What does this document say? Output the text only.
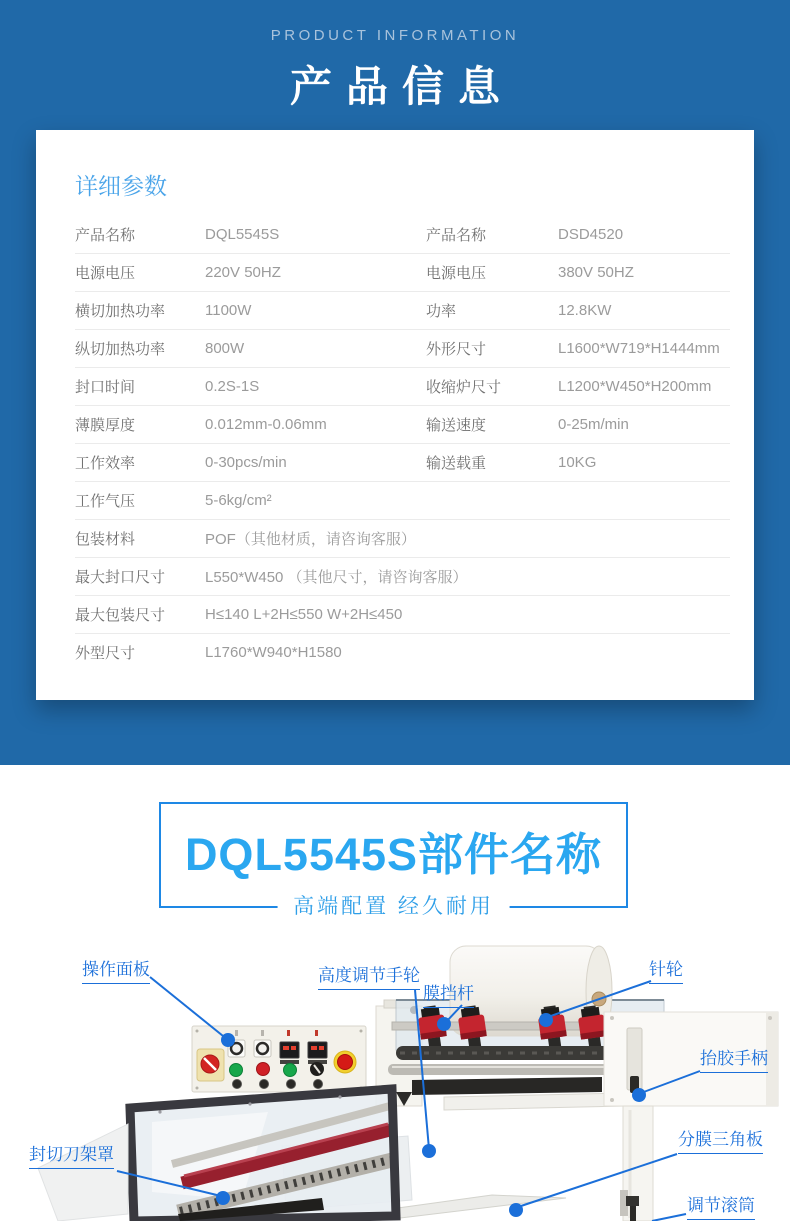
PRODUCT INFORMATION
产品信息
详细参数
产品名称	DQL5545S	产品名称	DSD4520
电源电压	220V 50HZ	电源电压	380V 50HZ
横切加热功率	1100W	功率	12.8KW
纵切加热功率	800W	外形尺寸	L1600*W719*H1444mm
封口时间	0.2S-1S	收缩炉尺寸	L1200*W450*H200mm
薄膜厚度	0.012mm-0.06mm	输送速度	0-25m/min
工作效率	0-30pcs/min	输送载重	10KG
工作气压	5-6kg/cm²
包装材料	POF（其他材质，请咨询客服）
最大封口尺寸	L550*W450 （其他尺寸，请咨询客服）
最大包装尺寸	H≤140 L+2H≤550 W+2H≤450
外型尺寸	L1760*W940*H1580
DQL5545S部件名称
高端配置 经久耐用
操作面板	高度调节手轮
膜挡杆
针轮
抬胶手柄
封切刀架罩
分膜三角板
调节滚筒
